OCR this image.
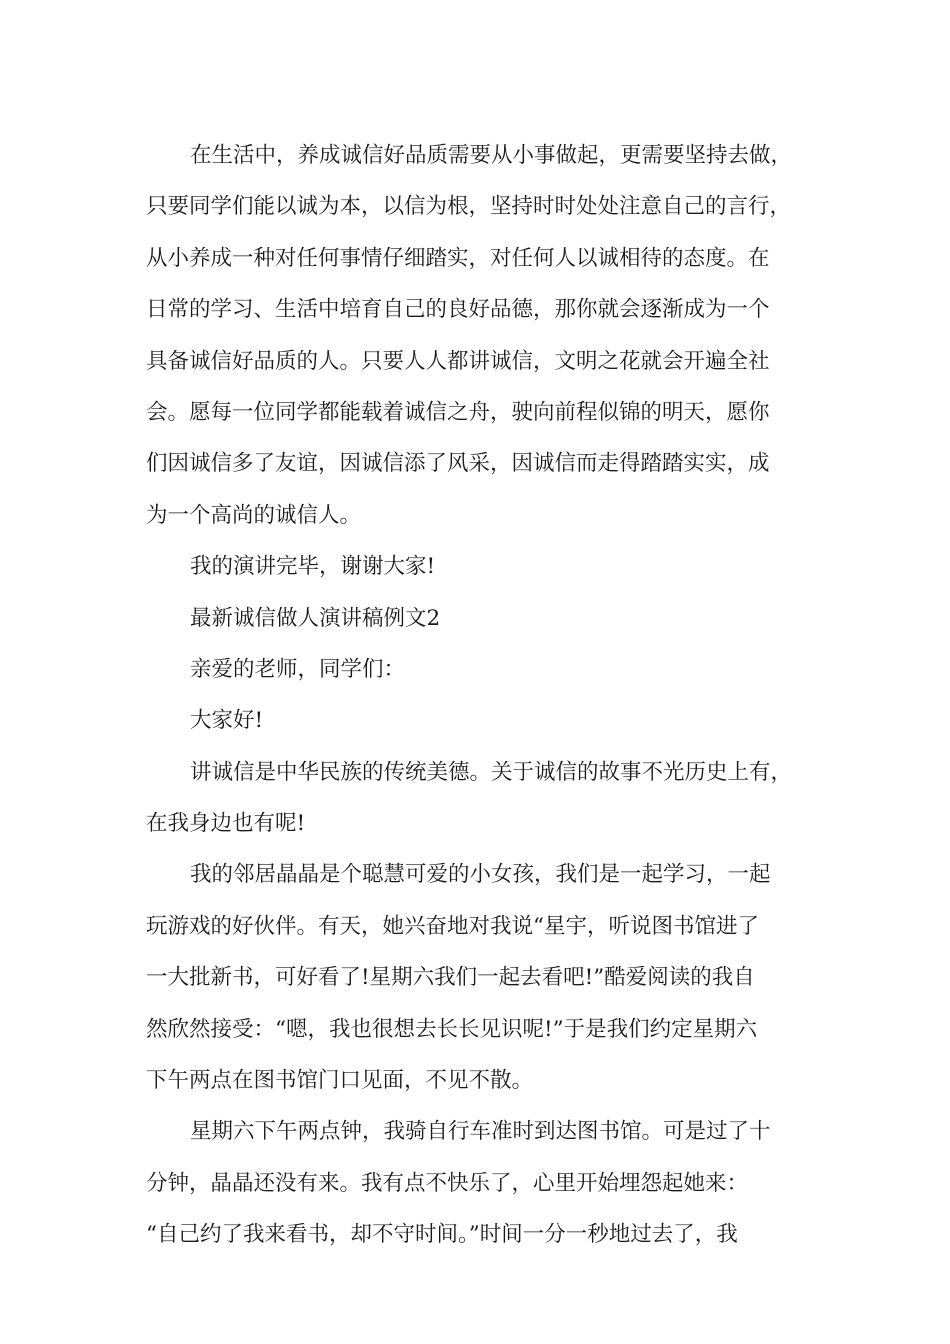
在生活中，养成诚信好品质需要从小事做起，更需要坚持去做，
只要同学们能以诚为本，以信为根，坚持时时处处注意自己的言行，
从小养成一种对任何事情仔细踏实，对任何人以诚相待的态度。在
日常的学习、生活中培育自己的良好品德，那你就会逐渐成为一个
具备诚信好品质的人。只要人人都讲诚信，文明之花就会开遍全社
会。愿每一位同学都能载着诚信之舟，驶向前程似锦的明天，愿你
们因诚信多了友谊，因诚信添了风采，因诚信而走得踏踏实实，成
为一个高尚的诚信人。
我的演讲完毕，谢谢大家!
最新诚信做人演讲稿例文2
亲爱的老师，同学们：
大家好!
讲诚信是中华民族的传统美德。关于诚信的故事不光历史上有，
在我身边也有呢!
我的邻居晶晶是个聪慧可爱的小女孩，我们是一起学习，一起
玩游戏的好伙伴。有天，她兴奋地对我说“星宇，听说图书馆进了
一大批新书，可好看了!星期六我们一起去看吧!”酷爱阅读的我自
然欣然接受：“嗯，我也很想去长长见识呢!”于是我们约定星期六
下午两点在图书馆门口见面，不见不散。
星期六下午两点钟，我骑自行车准时到达图书馆。可是过了十
分钟，晶晶还没有来。我有点不快乐了，心里开始埋怨起她来：
“自己约了我来看书，却不守时间。”时间一分一秒地过去了，我
